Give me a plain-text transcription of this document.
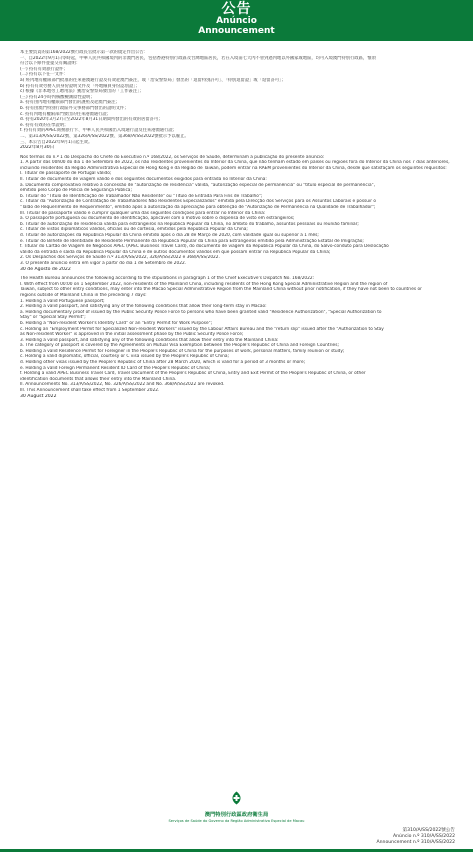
公告
Anúncio
Announcement
本主要負責的第168/2022號行政長官批示第一款的規定作出公告：
一、自2022年9月1日零時起，中華人民共和國境內的非澳門居民，包括香港特別行政區及台灣地區居民，若在入境前七天內不曾到過內地以外國家或地區，均可入境澳門特別行政區，惟須
符合以下條件並提交有關證明：
(一) 持有有效旅行證件；
(二) 持有以下任一文件：
a) 經內地有權限部門批准的往來港澳通行證及有效赴澳門簽注，或「治安警察局」發出的「逗留特別許可」、「特別逗留證」或「逗留許可」；
b) 持有有效勞務人員身份證明文件及「外地僱員身份認別證」；
c) 根據《非本地勞工聘用法》獲治安警察局發出的「工作簽注」；
(三) 持有24小時內核酸檢測陰性證明；
a. 持有由內地有權限部門發出的護照及赴澳門簽注；
b. 持有由澳門特別行政區外交事務部門發出的證明文件；
c. 持有內地有權限部門發出的往來港澳通行證；
d. 持有2020年3月27日至2022年8月31日期間所發出的有效的居留許可；
e. 持有有效的在學證明；
f. 持有有效的APEC商務旅行卡、中華人民共和國出入境通行證及往來港澳通行證；
二、第313/A/SS/2022號、第326/A/SS/2022號、第368/A/SS/2022號批示予以廢止。
三、本公告自2022年9月1日起生效。
2022年8月30日
Nos termos do n.º 1 do Despacho do Chefe do Executivo n.º 168/2022, os Serviços de Saúde, determinam a publicação do presente anúncio:
1. A partir das 00h00 do dia 1 de Setembro de 2022, os não residentes provenientes do Interior da China, que não tenham estado em países ou regiões fora do Interior da China nos 7 dias anteriores,
incluindo residentes da Região Administrativa Especial de Hong Kong e da Região de Taiwan, podem entrar na RAEM provenientes do Interior da China, desde que satisfaçam os seguintes requisitos:
I. Titular de passaporte de Portugal válido;
II. Titular de documento de viagem válido e dos seguintes documentos exigidos para entrada no Interior da China:
a. Documento comprovativo relativo à concessão de "autorização de residência" válida, "autorização especial de permanência" ou "título especial de permanência",
emitido pelo Corpo de Polícia de Segurança Pública;
b. Titular do "Título de Identificação de Trabalhador Não Residente" ou "Título de Entrada Para Fins de Trabalho";
c. Titular da "Autorização de Contratação de Trabalhadores Não Residentes Especializados" emitida pela Direcção dos Serviços para os Assuntos Laborais e possuir o
"Talão de Requerimento de Requerimento", emitido após a autorização da apreciação para obtenção de "Autorização de Permanência na Qualidade de Trabalhador";
III. Titular de passaporte válido e cumprir qualquer uma das seguintes condições para entrar no Interior da China:
a. O passaporte portuguesa ou documento de identificação, aplicável com o motivo sobre o dispensa de visto em estrangeiros;
b. Titular de autorização de residência válida para estrangeiros na República Popular da China, no âmbito do trabalho, assuntos pessoais ou reunião familiar;
c. Titular de vistos diplomáticos válidos, oficiais ou de cortesia, emitidos pela República Popular da China;
d. Titular de autorizações da República Popular da China emitido após o dia 28 de Março de 2020, com validade igual ou superior a 1 mês;
e. Titular do Bilhete de Identidade de Residente Permanente da República Popular da China para Estrangeiros emitido pela Administração Estatal de Imigração;
f. Titular do Cartão de Viagem de Negócios APEC (APEC Business Travel Card), do documento de viagem da República Popular da China, do Salvo-conduto para Deslocação
válido da entrada e saída da República Popular da China e de outros documentos válidos em que possam entrar na República Popular da China;
2. Os Despachos dos Serviços de Saúde n.º 313/A/SS/2022, 326/A/SS/2022 e 368/A/SS/2022.
3. O presente anúncio entra em vigor a partir do dia 1 de Setembro de 2022.
30 de Agosto de 2022
The Health Bureau announces the following according to the stipulations in paragraph 1 of the Chief Executive's Dispatch No. 168/2022:
I. With effect from 00:00 on 1 September 2022, non-residents of the Mainland China, including residents of the Hong Kong Special Administrative Region and the region of
Taiwan, subject to other entry conditions, may enter into the Macao Special Administrative Region from the Mainland China without prior notification, if they have not been to countries or
regions outside of Mainland China in the preceding 7 days:
1. Holding a valid Portuguese passport;
2. Holding a valid passport, and satisfying any of the following conditions that allow their long-term stay in Macao:
a. Holding documentary proof of issued by the Public Security Police Force to persons who have been granted valid "Residence Authorization", "Special Authorization to
Stay" or "Special Stay Permit";
b. Holding a "Non-resident Worker's Identity Card" or an "Entry Permit for Work Purpose";
c. Holding an "Employment Permit for Specialized Non-resident Workers" issued by the Labour Affairs Bureau and the "return slip" issued after the "Authorization to Stay
as Non-resident Worker" is approved in the initial assessment phase by the Public Security Police Force;
3. Holding a valid passport, and satisfying any of the following conditions that allow their entry into the Mainland China:
a. The category of passport is covered by the Agreements on Mutual Visa Exemption between the People's Republic of China and Foreign Countries;
b. Holding a valid Residence Permit for Foreigner in the People's Republic of China for the purposes of work, personal matters, family reunion or study;
c. Holding a valid diplomatic, official, courtesy or C visa issued by the People's Republic of China;
d. Holding other visas issued by the People's Republic of China after 28 March 2020, which is valid for a period of 3 months or more;
e. Holding a valid Foreign Permanent Resident ID Card of the People's Republic of China;
f. Holding a valid APEC Business Travel Card, Travel Document of the People's Republic of China, Entry and Exit Permit of the People's Republic of China, or other
identification documents that allows their entry into the Mainland China.
II. Announcements No. 313/A/SS/2022, No. 326/A/SS/2022 and No. 368/A/SS/2022 are revoked.
III. This Announcement shall take effect from 1 September 2022.
30 August 2022
澳門特別行政區政府衛生局
Serviços de Saúde do Governo da Região Administrativa Especial de Macau
第310/A/SS/2022號公告
Anúncio n.º 310/A/SS/2022
Announcement n.º 310/A/SS/2022
